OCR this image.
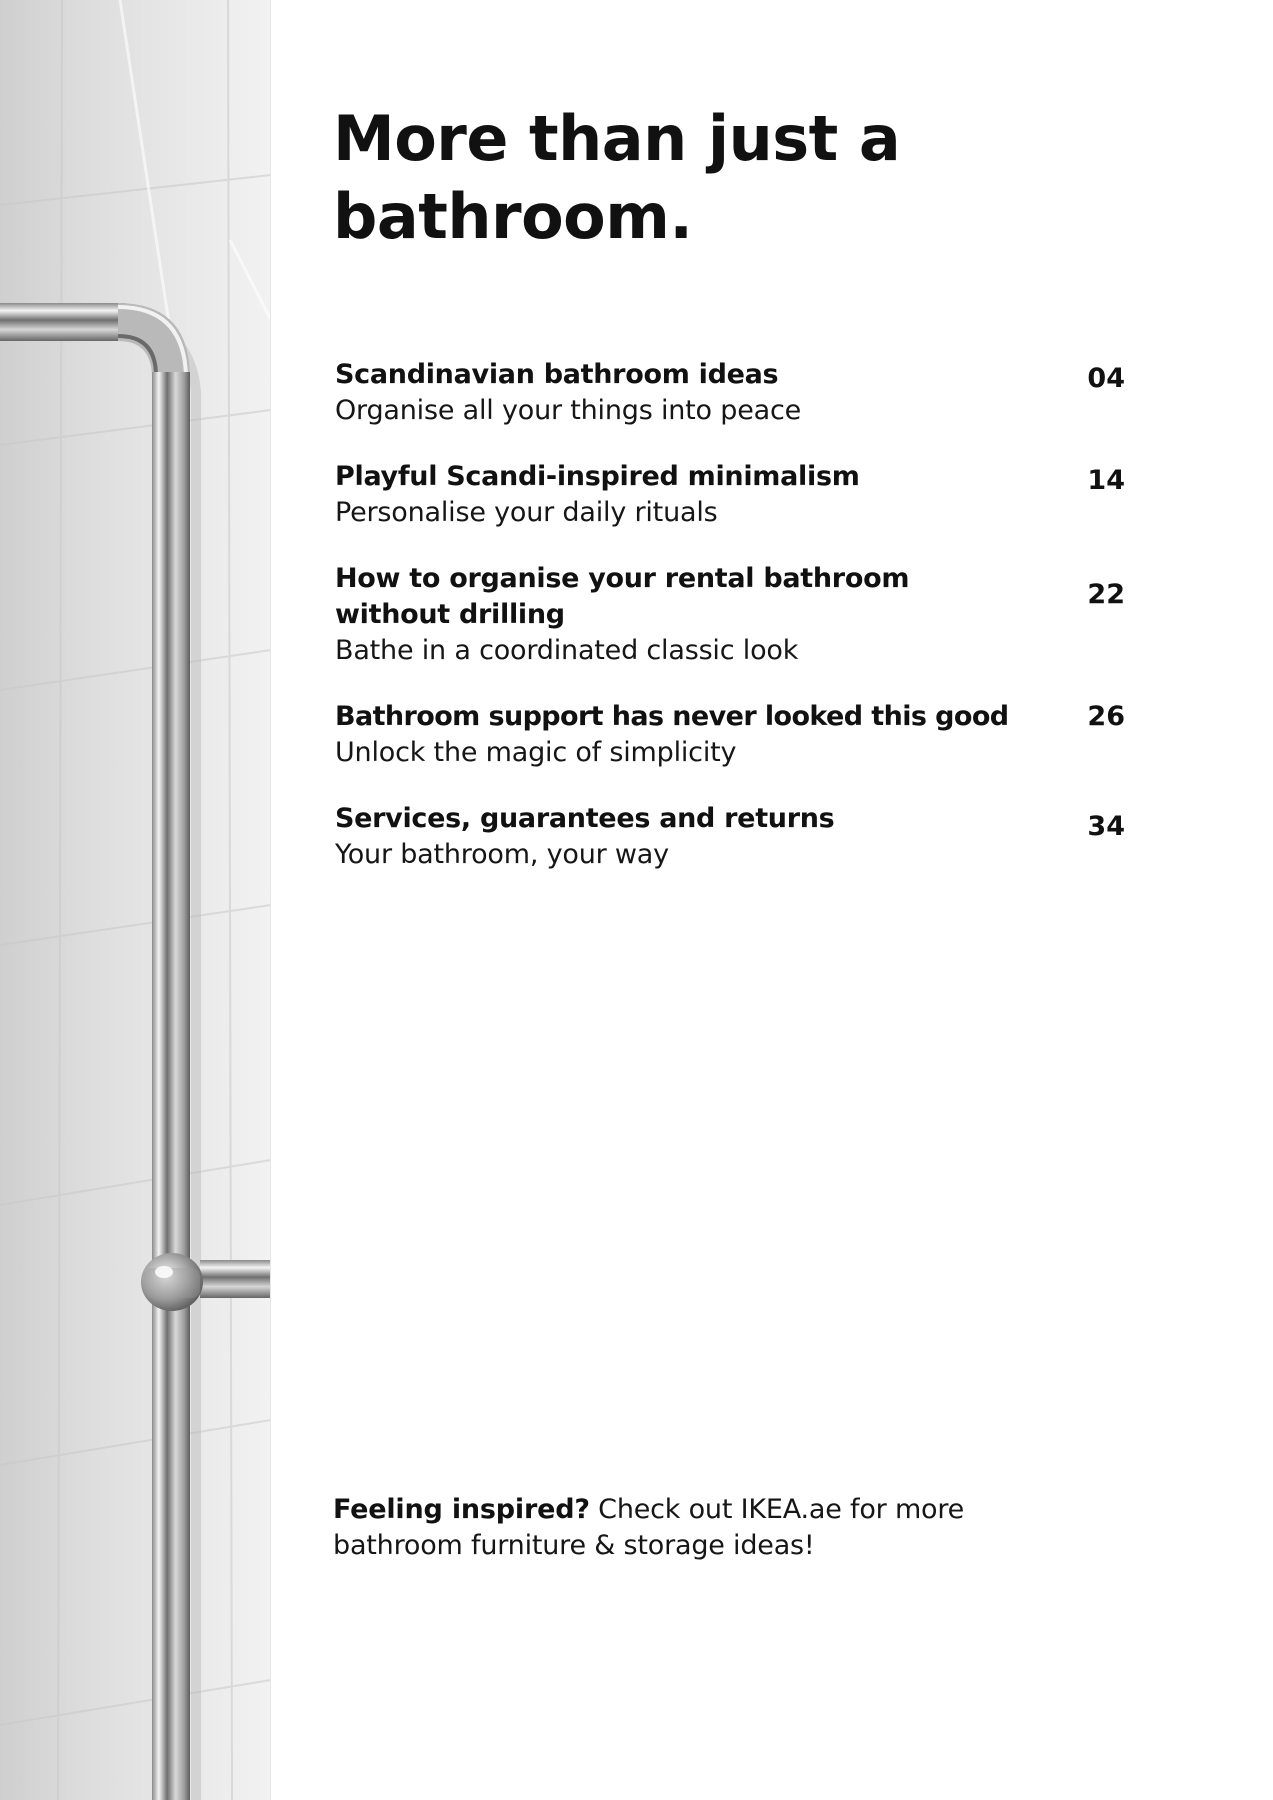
More than just a
bathroom.
Scandinavian bathroom ideas
Organise all your things into peace
04
Playful Scandi-inspired minimalism
Personalise your daily rituals
14
How to organise your rental bathroom
without drilling
Bathe in a coordinated classic look
22
Bathroom support has never looked this good
Unlock the magic of simplicity
26
Services, guarantees and returns
Your bathroom, your way
34
Feeling inspired? Check out IKEA.ae for more
bathroom furniture & storage ideas!
